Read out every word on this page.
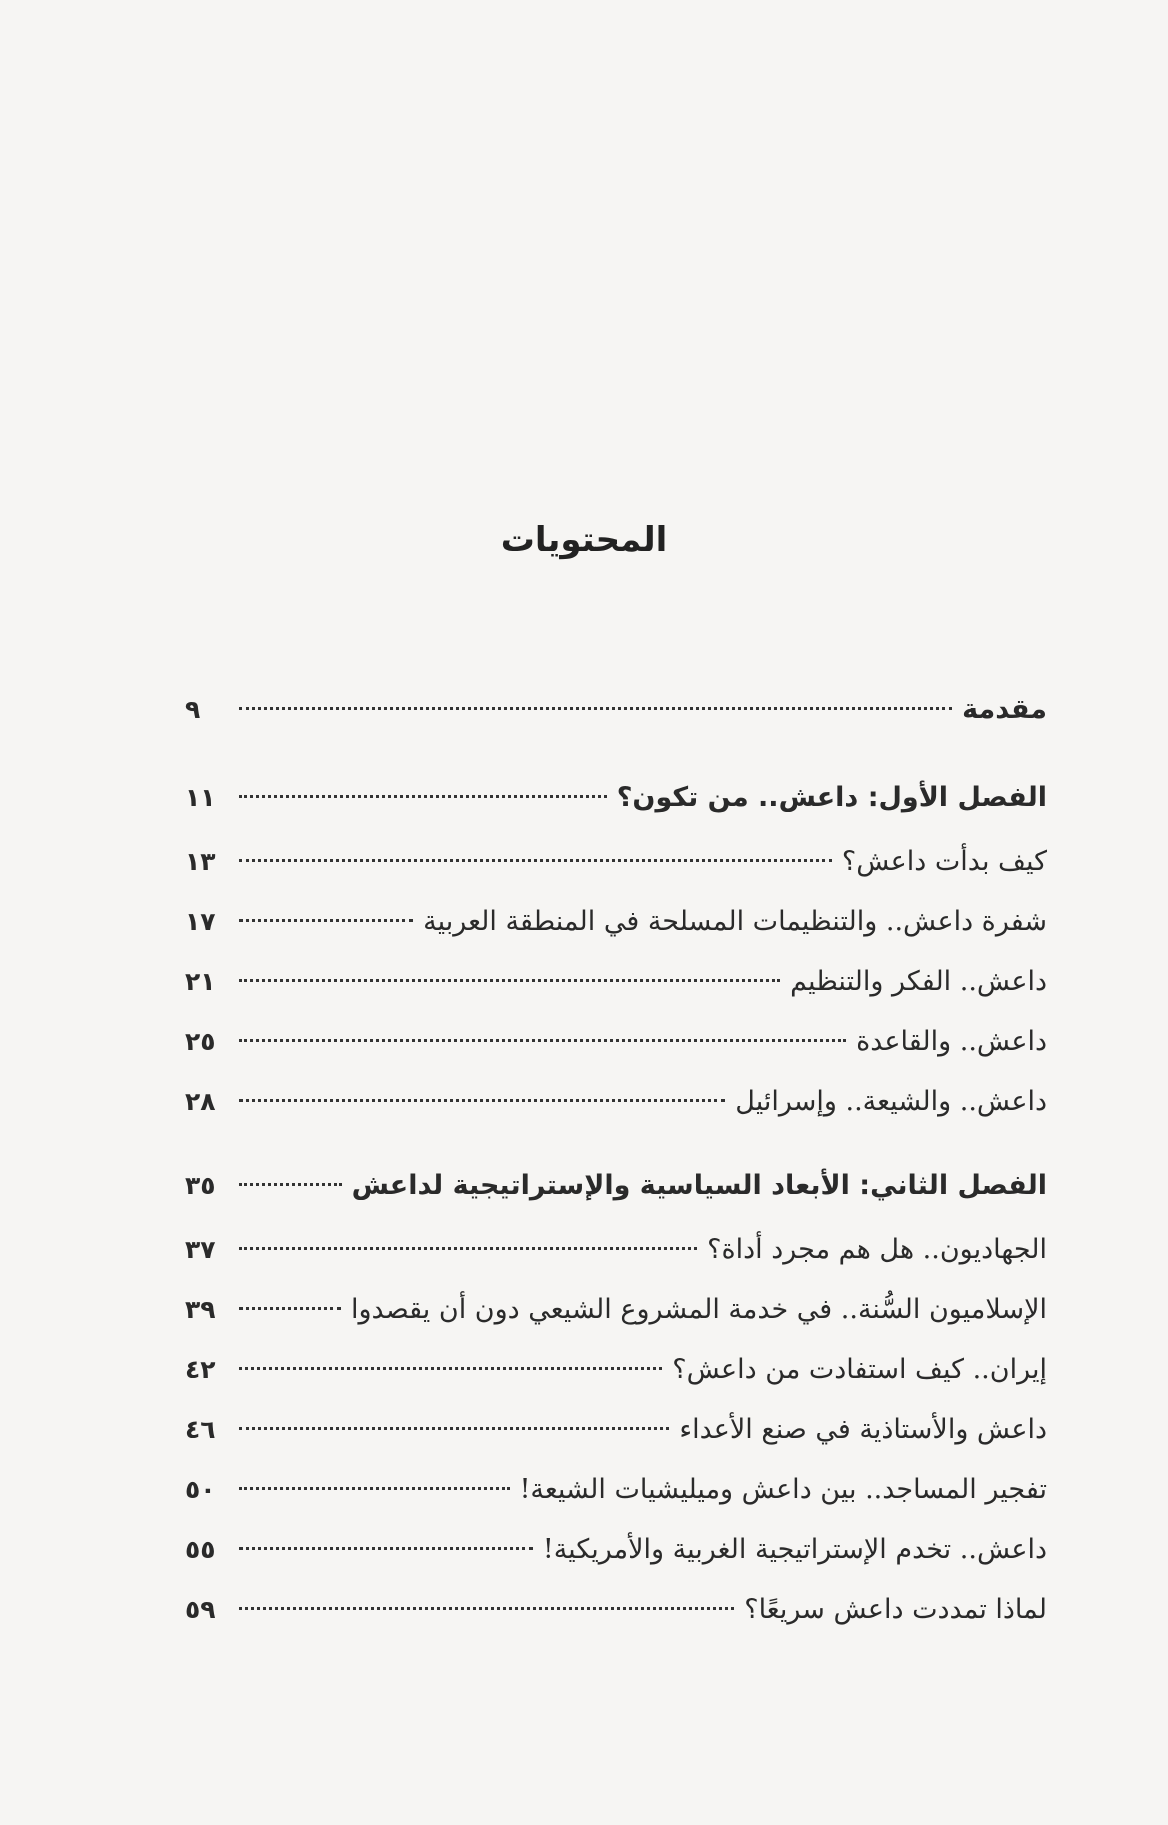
المحتويات
مقدمة
٩
الفصل الأول: داعش.. من تكون؟
١١
كيف بدأت داعش؟
١٣
شفرة داعش.. والتنظيمات المسلحة في المنطقة العربية
١٧
داعش.. الفكر والتنظيم
٢١
داعش.. والقاعدة
٢٥
داعش.. والشيعة.. وإسرائيل
٢٨
الفصل الثاني: الأبعاد السياسية والإستراتيجية لداعش
٣٥
الجهاديون.. هل هم مجرد أداة؟
٣٧
الإسلاميون السُّنة.. في خدمة المشروع الشيعي دون أن يقصدوا
٣٩
إيران.. كيف استفادت من داعش؟
٤٢
داعش والأستاذية في صنع الأعداء
٤٦
تفجير المساجد.. بين داعش وميليشيات الشيعة!
٥٠
داعش.. تخدم الإستراتيجية الغربية والأمريكية!
٥٥
لماذا تمددت داعش سريعًا؟
٥٩
